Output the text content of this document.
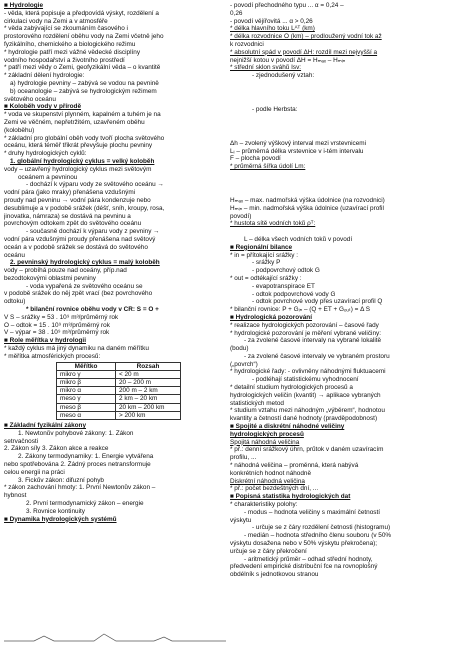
■ Hydrologie
- věda, která popisuje a předpovídá výskyt, rozdělení a
cirkulaci vody na Zemi a v atmosféře
* věda zabývající se zkoumáním časového i
prostorového rozdělení oběhu vody na Zemi včetně jeho
fyzikálního, chemického a biologického režimu
* hydrologie patří mezi vážné vědecké disciplíny
vodního hospodařství a životního prostředí
* patří mezi vědy o Zemi, geofyzikální věda – o kvantitě
* základní dělení hydrologie:
a) hydrologie pevniny – zabývá se vodou na pevnině
b) oceanologie – zabývá se hydrologickým režimem
světového oceánu
■ Koloběh vody v přírodě
* voda ve skupenství plynném, kapalném a tuhém je na
Zemi ve věčném, nepřetržitém, uzavřeném oběhu
(koloběhu)
* základní pro globální oběh vody tvoří plocha světového
oceánu, která téměř třikrát převyšuje plochu pevniny
* druhy hydrologických cyklů:
1. globální hydrologický cyklus = velký koloběh
vody – uzavřený hydrologický cyklus mezi světovým
oceánem a pevninou
- dochází k výparu vody ze světového oceánu →
vodní pára (jako mraky) přenášena vzdušnými
proudy nad pevninu → vodní pára kondenzuje nebo
desublimuje a v podobě srážek (déšť, sníh, kroupy, rosa,
jinovatka, námraza) se dostává na pevninu a
povrchovým odtokem zpět do světového oceánu
- současně dochází k výparu vody z pevniny →
vodní pára vzdušnými proudy přenášena nad světový
oceán a v podobě srážek se dostává do světového
oceánu
2. pevninský hydrologický cyklus = malý koloběh
vody – probíhá pouze nad oceány, příp.nad
bezodtokovými oblastmi pevniny
- voda vypařená ze světového oceánu se
v podobě srážek do něj zpět vrací (bez povrchového
odtoku)
* bilanční rovnice oběhu vody v ČR: S = O +
V S – srážky = 53 . 10⁹ m³/průměrný rok
O – odtok = 15 . 10⁹ m³/průměrný rok
V – výpar = 38 . 10⁹ m³/průměrný rok
■ Role měřítka v hydrologii
* každý cyklus má jiný dynamiku na daném měřítku
* měřítka atmosférických procesů:
Měřítko	Rozsah
mikro γ	< 20 m
mikro β	20 – 200 m
mikro α	200 m – 2 km
meso γ	2 km – 20 km
meso β	20 km – 200 km
meso α	> 200 km
■ Základní fyzikální zákony
1. Newtonův pohybové zákony: 1. Zákon
setrvačnosti
2. Zákon síly 3. Zákon akce a reakce
2. Zákony termodynamiky: 1. Energie vytvářena
nebo spotřebována 2. Žádný proces netransformuje
celou energii na práci
3. Fickův zákon: difuzní pohyb
* zákon zachování hmoty: 1. První Newtonův zákon –
hybnost
2. První termodynamický zákon – energie
3. Rovnice kontinuity
■ Dynamika hydrologických systémů
- povodí přechodného typu ... α = 0,24 –
0,26
- povodí vějířovitá ... α > 0,26
* délka hlavního toku Lᴬᵀ (km)
* délka rozvodnice O (km) – prodloužený vodní tok až
k rozvodnici
* absolutní spád v povodí ΔH: rozdíl mezi nejvyšší a
nejnižší kotou v povodí ΔH = Hₘₐₓ – Hₘᵢₙ
* střední sklon sváhů Isv:
- zjednodušený vztah:
- podle Herbsta:
Δh – zvolený výškový interval mezi vrstevnicemi
Lᵢ – průměrná délka vrstevnice v i-tém intervalu
F – plocha povodí
* průměrná šířka údolí Lm:
Hₘₐₓ – max. nadmořská výška údolnice (na rozvodnici)
Hₘᵢₙ – min. nadmořská výška údolnice (uzavírací profil
povodí)
* hustota sítě vodních toků ρᵀ:
L – délka všech vodních toků v povodí
■ Regionální bilance
* in = přítokající srážky :
- srážky P
- podpovrchový odtok G
* out = odtékající srážky :
- evapotranspirace ET
- odtok podpovrchové vody G
- odtok povrchové vody přes uzavírací profil Q
* bilanční rovnice: P + Gᵢₙ – (Q + ET + Gₒᵤₜ) = Δ S
■ Hydrologická pozorování
* realizace hydrologických pozorování – časové řady
* hydrologické pozorování je měření vybrané veličiny:
- za zvolené časové intervaly na vybrané lokalitě
(bodu)
- za zvolené časové intervaly ve vybraném prostoru
(„povrch“)
* hydrologické řady: - ovlivněny náhodnými fluktuacemi
- podléhají statistickému vyhodnocení
* detailní studium hydrologických procesů a
hydrologických veličin (kvantit) → aplikace vybraných
statistických metod
* studium vztahu mezi náhodným „výběrem“, hodnotou
kvantity a četností dané hodnoty (pravděpodobnost)
■ Spojité a diskrétní náhodné veličiny
hydrologických procesů
Spojitá náhodná veličina
* př.: denní srážkový úhrn, průtok v daném uzavíracím
profilu, ...
* náhodná veličina – proměnná, která nabývá
konkrétních hodnot náhodně
Diskrétní náhodná veličina
* př.: počet bezdeštných dní, ...
■ Popisná statistika hydrologických dat
* charakteristiky polohy:
- modus – hodnota veličiny s maximální četností
výskytu
- určuje se z čáry rozdělení četnosti (histogramu)
- medián – hodnota středního členu souboru (v 50%
výskytu dosažena nebo v 50% výskytu překročena);
určuje se z čáry překročení
- aritmetický průměr – odhad střední hodnoty,
předvedení empirické distribuční fce na rovnoplošný
obdélník s jednotkovou stranou
